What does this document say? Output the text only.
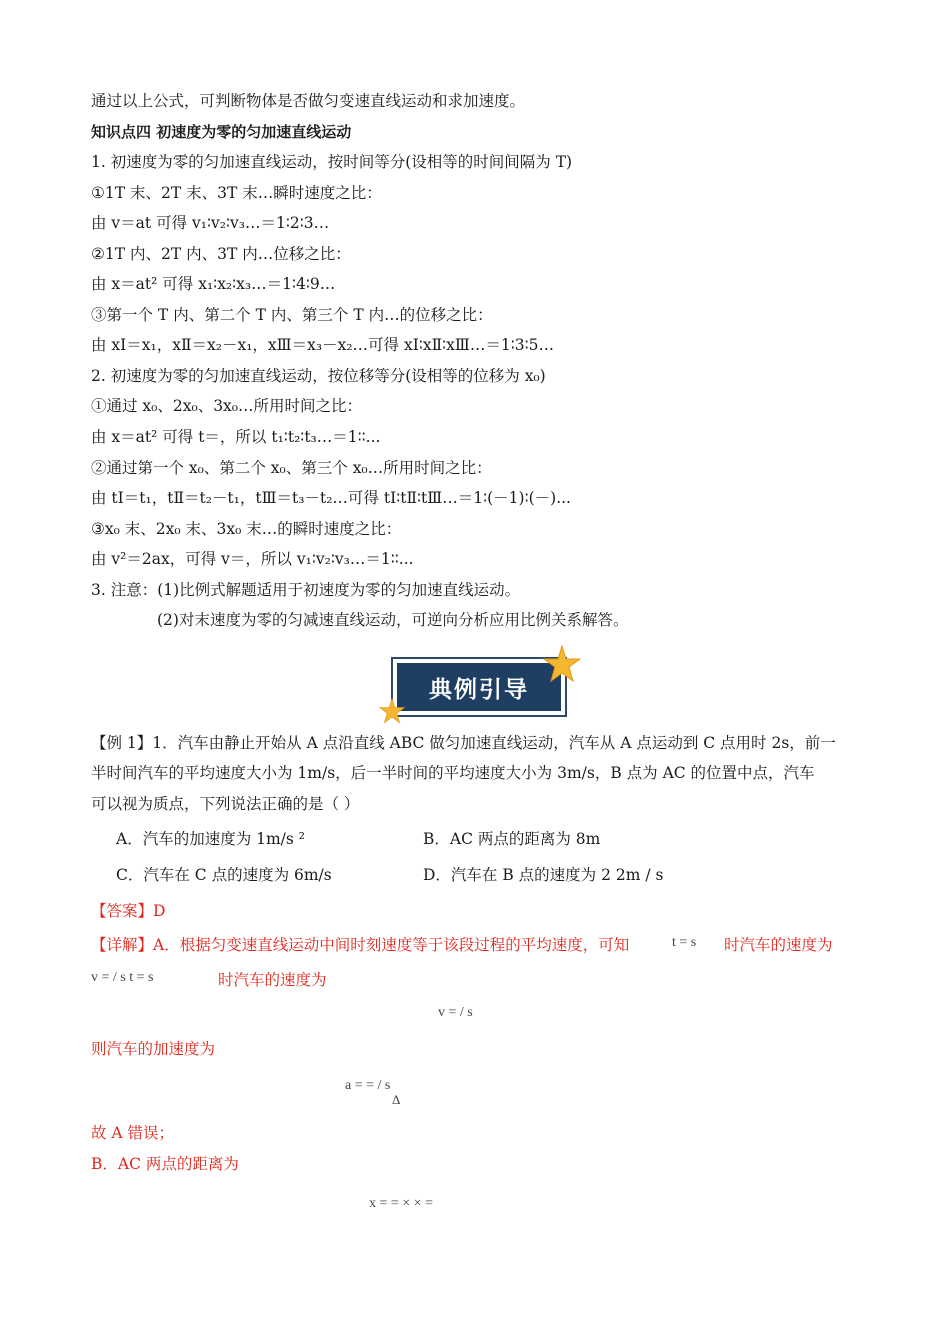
通过以上公式，可判断物体是否做匀变速直线运动和求加速度。
知识点四 初速度为零的匀加速直线运动
1. 初速度为零的匀加速直线运动，按时间等分(设相等的时间间隔为 T)
①1T 末、2T 末、3T 末…瞬时速度之比：
由 v＝at 可得 v₁∶v₂∶v₃…＝1∶2∶3…
②1T 内、2T 内、3T 内…位移之比：
由 x＝at² 可得 x₁∶x₂∶x₃…＝1∶4∶9…
③第一个 T 内、第二个 T 内、第三个 T 内…的位移之比：
由 xⅠ＝x₁，xⅡ＝x₂－x₁，xⅢ＝x₃－x₂…可得 xⅠ∶xⅡ∶xⅢ…＝1∶3∶5…
2. 初速度为零的匀加速直线运动，按位移等分(设相等的位移为 x₀)
①通过 x₀、2x₀、3x₀…所用时间之比：
由 x＝at² 可得 t＝，所以 t₁∶t₂∶t₃…＝1∶∶...
②通过第一个 x₀、第二个 x₀、第三个 x₀…所用时间之比：
由 tⅠ＝t₁，tⅡ＝t₂－t₁，tⅢ＝t₃－t₂…可得 tⅠ∶tⅡ∶tⅢ…＝1∶(－1)∶(－)...
③x₀ 末、2x₀ 末、3x₀ 末…的瞬时速度之比：
由 v²＝2ax，可得 v＝，所以 v₁∶v₂∶v₃…＝1∶∶...
3. 注意：(1)比例式解题适用于初速度为零的匀加速直线运动。
(2)对末速度为零的匀减速直线运动，可逆向分析应用比例关系解答。
典例引导
【例 1】1．汽车由静止开始从 A 点沿直线 ABC 做匀加速直线运动，汽车从 A 点运动到 C 点用时 2s，前一
半时间汽车的平均速度大小为 1m/s，后一半时间的平均速度大小为 3m/s，B 点为 AC 的位置中点，汽车
可以视为质点，下列说法正确的是（ ）
A．汽车的加速度为 1m/s ²	B．AC 两点的距离为 8m
C．汽车在 C 点的速度为 6m/s	D．汽车在 B 点的速度为 2 2m / s
【答案】D
【详解】A．根据匀变速直线运动中间时刻速度等于该段过程的平均速度，可知	t = s 时汽车的速度为
v = / s t = s	时汽车的速度为
v = / s
则汽车的加速度为
a = = / s
Δ
故 A 错误；
B．AC 两点的距离为
x = = × × =
